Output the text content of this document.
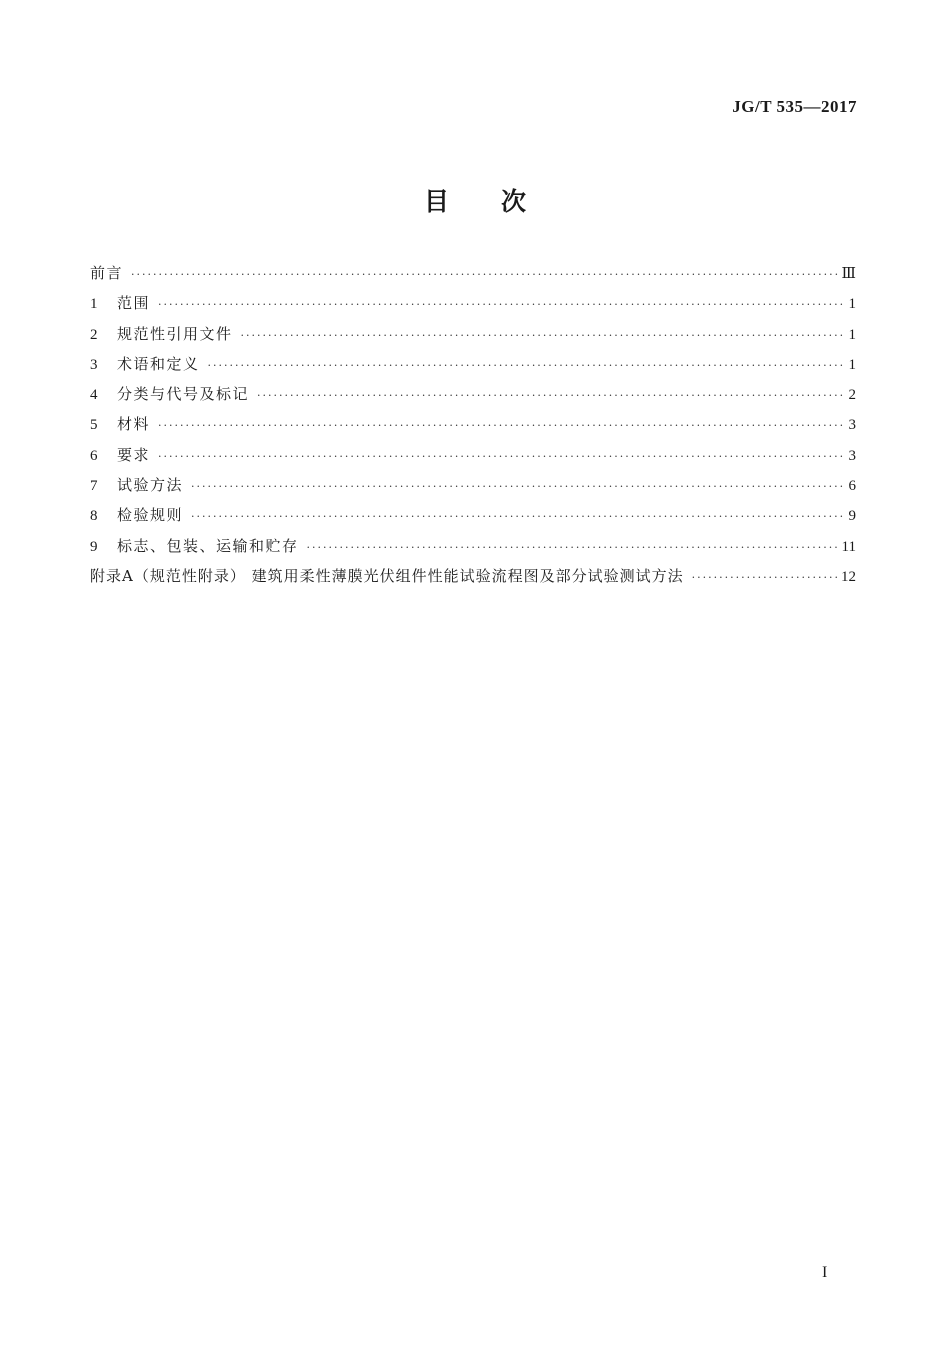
JG/T 535—2017
目 次
前言 ·····	Ⅲ
1	范围 ·····	1
2	规范性引用文件 ·····	1
3	术语和定义 ·····	1
4	分类与代号及标记 ·····	2
5	材料 ·····	3
6	要求 ·····	3
7	试验方法 ·····	6
8	检验规则 ·····	9
9	标志、包装、运输和贮存 ·····	11
附录A（规范性附录） 建筑用柔性薄膜光伏组件性能试验流程图及部分试验测试方法 ·····	12
I
